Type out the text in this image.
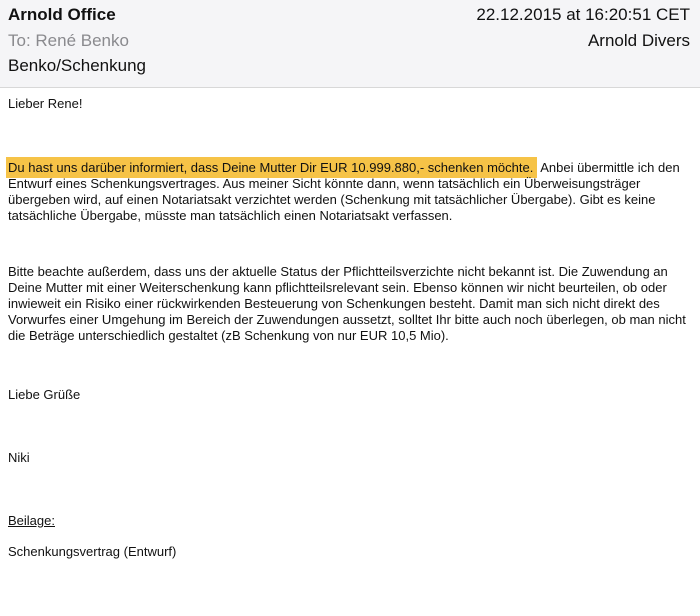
Arnold Office	22.12.2015 at 16:20:51 CET
To: René Benko	Arnold Divers
Benko/Schenkung

Lieber Rene!

Du hast uns darüber informiert, dass Deine Mutter Dir EUR 10.999.880,- schenken möchte. Anbei übermittle ich den Entwurf eines Schenkungsvertrages. Aus meiner Sicht könnte dann, wenn tatsächlich ein Überweisungsträger übergeben wird, auf einen Notariatsakt verzichtet werden (Schenkung mit tatsächlicher Übergabe). Gibt es keine tatsächliche Übergabe, müsste man tatsächlich einen Notariatsakt verfassen.

Bitte beachte außerdem, dass uns der aktuelle Status der Pflichtteilsverzichte nicht bekannt ist. Die Zuwendung an Deine Mutter mit einer Weiterschenkung kann pflichtteilsrelevant sein. Ebenso können wir nicht beurteilen, ob oder inwieweit ein Risiko einer rückwirkenden Besteuerung von Schenkungen besteht. Damit man sich nicht direkt des Vorwurfes einer Umgehung im Bereich der Zuwendungen aussetzt, solltet Ihr bitte auch noch überlegen, ob man nicht die Beträge unterschiedlich gestaltet (zB Schenkung von nur EUR 10,5 Mio).

Liebe Grüße

Niki

Beilage:

Schenkungsvertrag (Entwurf)
